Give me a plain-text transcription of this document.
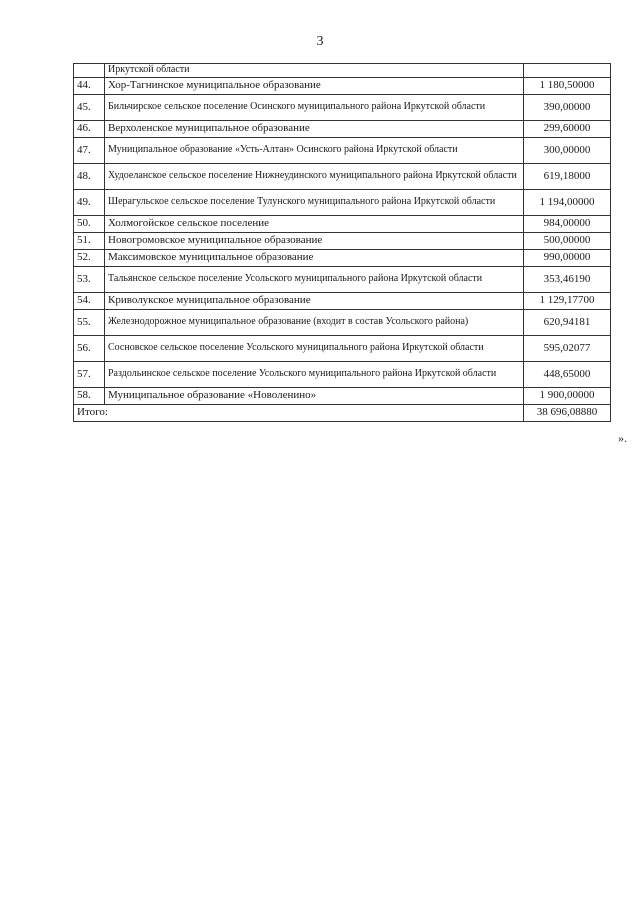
3
	Иркутской области	
44.	Хор-Тагнинское муниципальное образование	1 180,50000
45.	Бильчирское сельское поселение Осинского муниципального района Иркутской области	390,00000
46.	Верхоленское муниципальное образование	299,60000
47.	Муниципальное образование «Усть-Алтан» Осинского района Иркутской области	300,00000
48.	Худоеланское сельское поселение Нижнеудинского муниципального района Иркутской области	619,18000
49.	Шерагульское сельское поселение Тулунского муниципального района Иркутской области	1 194,00000
50.	Холмогойское сельское поселение	984,00000
51.	Новогромовское муниципальное образование	500,00000
52.	Максимовское муниципальное образование	990,00000
53.	Тальянское сельское поселение Усольского муниципального района Иркутской области	353,46190
54.	Криволукское муниципальное образование	1 129,17700
55.	Железнодорожное муниципальное образование (входит в состав Усольского района)	620,94181
56.	Сосновское сельское поселение Усольского муниципального района Иркутской области	595,02077
57.	Раздольинское сельское поселение Усольского муниципального района Иркутской области	448,65000
58.	Муниципальное образование «Новоленино»	1 900,00000
Итого:		38 696,08880
».
